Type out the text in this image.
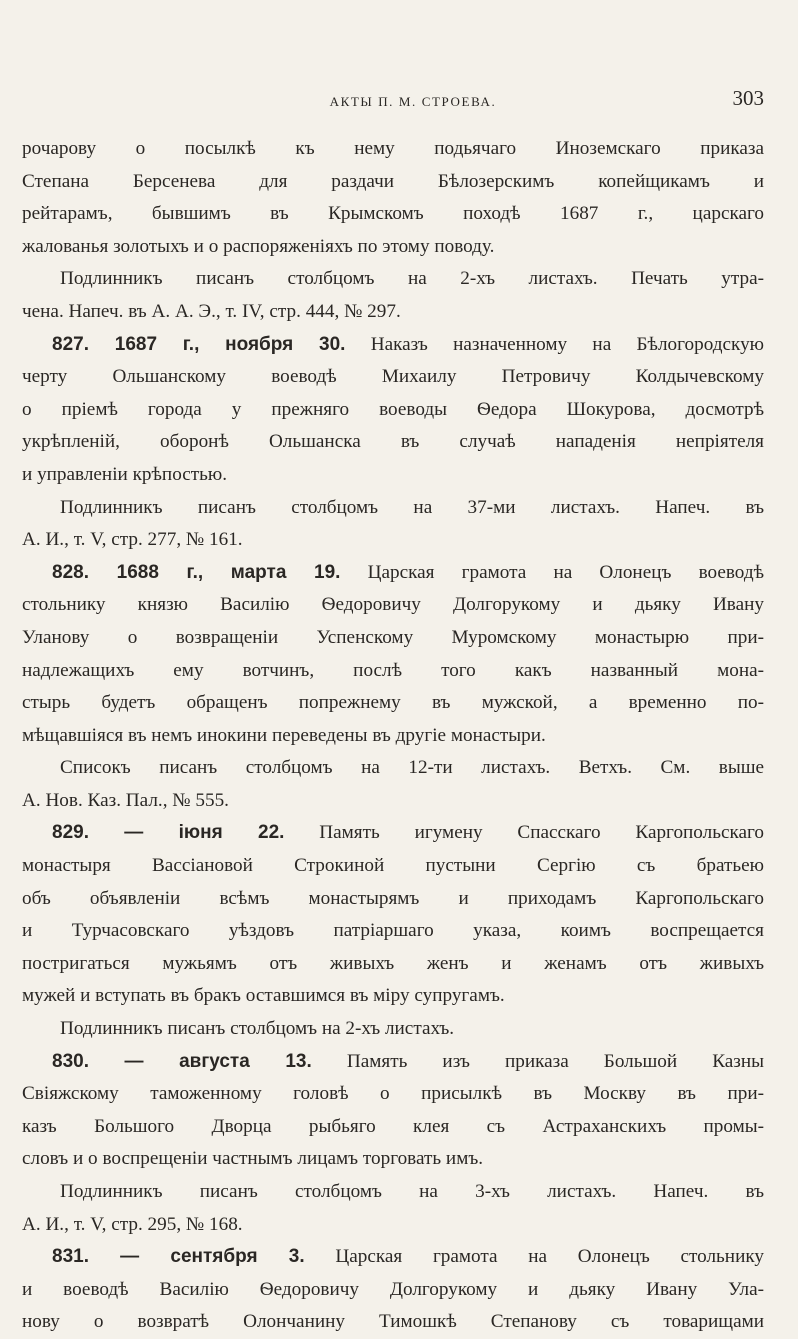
АКТЫ П. М. СТРОЕВА.	303
рочарову о посылкѣ къ нему подьячаго Иноземскаго приказа
Степана Берсенева для раздачи Бѣлозерскимъ копейщикамъ и
рейтарамъ, бывшимъ въ Крымскомъ походѣ 1687 г., царскаго
жалованья золотыхъ и о распоряженіяхъ по этому поводу.
Подлинникъ писанъ столбцомъ на 2-хъ листахъ. Печать утра-
чена. Напеч. въ А. А. Э., т. IV, стр. 444, № 297.
827. 1687 г., ноября 30. Наказъ назначенному на Бѣлогородскую
черту Ольшанскому воеводѣ Михаилу Петровичу Колдычевскому
о пріемѣ города у прежняго воеводы Ѳедора Шокурова, досмотрѣ
укрѣпленій, оборонѣ Ольшанска въ случаѣ нападенія непріятеля
и управленіи крѣпостью.
Подлинникъ писанъ столбцомъ на 37-ми листахъ. Напеч. въ
А. И., т. V, стр. 277, № 161.
828. 1688 г., марта 19. Царская грамота на Олонецъ воеводѣ
стольнику князю Василію Ѳедоровичу Долгорукому и дьяку Ивану
Уланову о возвращеніи Успенскому Муромскому монастырю при-
надлежащихъ ему вотчинъ, послѣ того какъ названный мона-
стырь будетъ обращенъ попрежнему въ мужской, а временно по-
мѣщавшіяся въ немъ инокини переведены въ другіе монастыри.
Списокъ писанъ столбцомъ на 12-ти листахъ. Ветхъ. См. выше
А. Нов. Каз. Пал., № 555.
829. — іюня 22. Память игумену Спасскаго Каргопольскаго
монастыря Вассіановой Строкиной пустыни Сергію съ братьею
объ объявленіи всѣмъ монастырямъ и приходамъ Каргопольскаго
и Турчасовскаго уѣздовъ патріаршаго указа, коимъ воспрещается
постригаться мужьямъ отъ живыхъ женъ и женамъ отъ живыхъ
мужей и вступать въ бракъ оставшимся въ міру супругамъ.
Подлинникъ писанъ столбцомъ на 2-хъ листахъ.
830. — августа 13. Память изъ приказа Большой Казны
Свіяжскому таможенному головѣ о присылкѣ въ Москву въ при-
казъ Большого Дворца рыбьяго клея съ Астраханскихъ промы-
словъ и о воспрещеніи частнымъ лицамъ торговать имъ.
Подлинникъ писанъ столбцомъ на 3-хъ листахъ. Напеч. въ
А. И., т. V, стр. 295, № 168.
831. — сентября 3. Царская грамота на Олонецъ стольнику
и воеводѣ Василію Ѳедоровичу Долгорукому и дьяку Ивану Ула-
нову о возвратѣ Олончанину Тимошкѣ Степанову съ товарищами
